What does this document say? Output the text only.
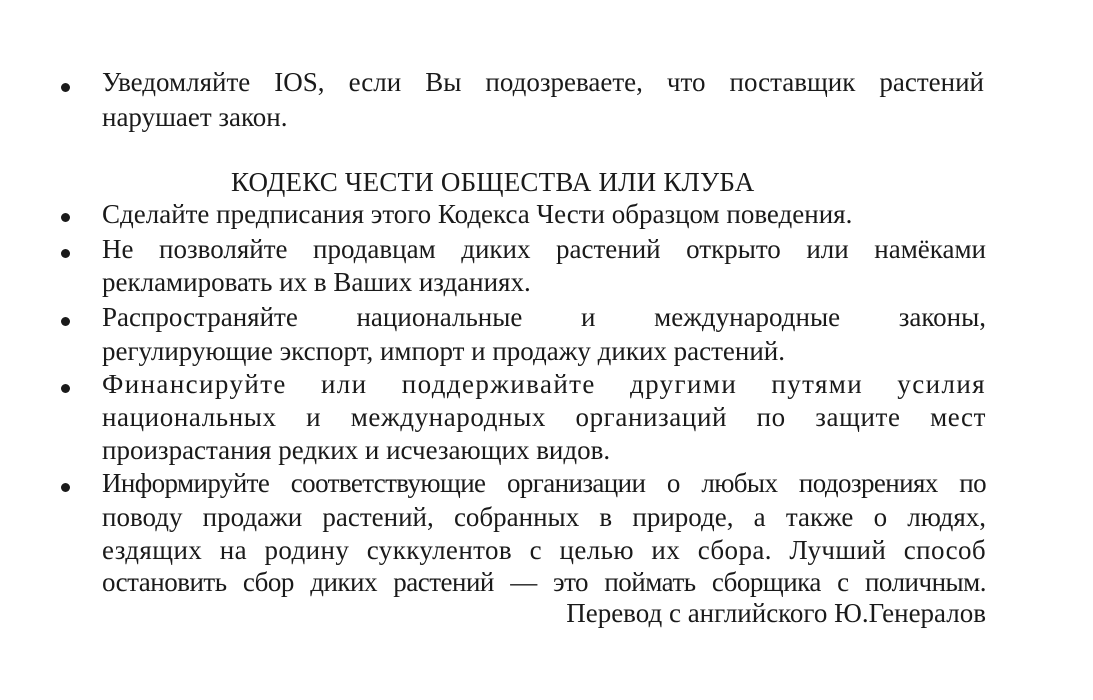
Уведомляйте IOS, если Вы подозреваете, что поставщик растений
нарушает закон.
КОДЕКС ЧЕСТИ ОБЩЕСТВА ИЛИ КЛУБА
Сделайте предписания этого Кодекса Чести образцом поведения.
Не позволяйте продавцам диких растений открыто или намёками
рекламировать их в Ваших изданиях.
Распространяйте национальные и международные законы,
регулирующие экспорт, импорт и продажу диких растений.
Финансируйте или поддерживайте другими путями усилия
национальных и международных организаций по защите мест
произрастания редких и исчезающих видов.
Информируйте соответствующие организации о любых подозрениях по
поводу продажи растений, собранных в природе, а также о людях,
ездящих на родину суккулентов с целью их сбора. Лучший способ
остановить сбор диких растений — это поймать сборщика с поличным.
Перевод с английского Ю.Генералов
